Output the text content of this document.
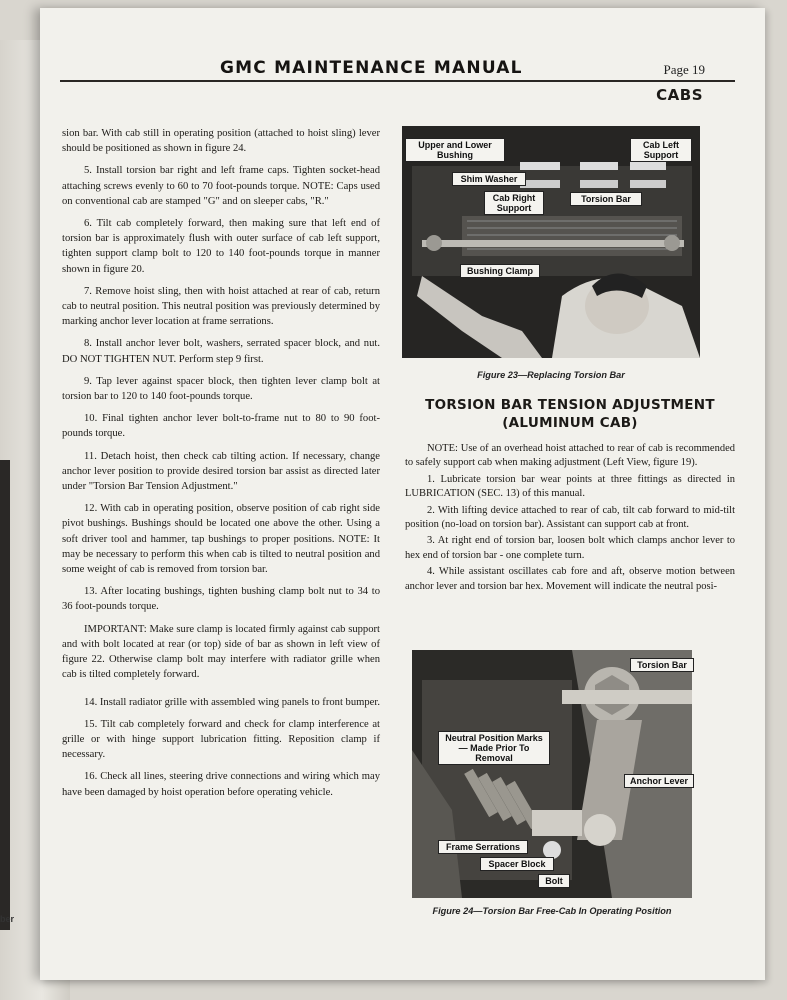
ber
GMC MAINTENANCE MANUAL	Page 19
CABS

sion bar. With cab still in operating position (attached to hoist sling) lever should be positioned as shown in figure 24.

5. Install torsion bar right and left frame caps. Tighten socket-head attaching screws evenly to 60 to 70 foot-pounds torque. NOTE: Caps used on conventional cab are stamped "G" and on sleeper cabs, "R."

6. Tilt cab completely forward, then making sure that left end of torsion bar is approximately flush with outer surface of cab left support, tighten support clamp bolt to 120 to 140 foot-pounds torque in manner shown in figure 20.

7. Remove hoist sling, then with hoist attached at rear of cab, return cab to neutral position. This neutral position was previously determined by marking anchor lever location at frame serrations.

8. Install anchor lever bolt, washers, serrated spacer block, and nut. DO NOT TIGHTEN NUT. Perform step 9 first.

9. Tap lever against spacer block, then tighten lever clamp bolt at torsion bar to 120 to 140 foot-pounds torque.

10. Final tighten anchor lever bolt-to-frame nut to 80 to 90 foot-pounds torque.

11. Detach hoist, then check cab tilting action. If necessary, change anchor lever position to provide desired torsion bar assist as directed later under "Torsion Bar Tension Adjustment."

12. With cab in operating position, observe position of cab right side pivot bushings. Bushings should be located one above the other. Using a soft driver tool and hammer, tap bushings to proper positions. NOTE: It may be necessary to perform this when cab is tilted to neutral position and some weight of cab is removed from torsion bar.

13. After locating bushings, tighten bushing clamp bolt nut to 34 to 36 foot-pounds torque.

IMPORTANT: Make sure clamp is located firmly against cab support and with bolt located at rear (or top) side of bar as shown in left view of figure 22. Otherwise clamp bolt may interfere with radiator grille when cab is tilted completely forward.

14. Install radiator grille with assembled wing panels to front bumper.

15. Tilt cab completely forward and check for clamp interference at grille or with hinge support lubrication fitting. Reposition clamp if necessary.

16. Check all lines, steering drive connections and wiring which may have been damaged by hoist operation before operating vehicle.

Upper and Lower Bushing
Cab Left Support
Shim Washer
Cab Right Support
Torsion Bar
Bushing Clamp
Figure 23—Replacing Torsion Bar
TORSION BAR TENSION ADJUSTMENT
(ALUMINUM CAB)

NOTE: Use of an overhead hoist attached to rear of cab is recommended to safely support cab when making adjustment (Left View, figure 19).

1. Lubricate torsion bar wear points at three fittings as directed in LUBRICATION (SEC. 13) of this manual.

2. With lifting device attached to rear of cab, tilt cab forward to mid-tilt position (no-load on torsion bar). Assistant can support cab at front.

3. At right end of torsion bar, loosen bolt which clamps anchor lever to hex end of torsion bar - one complete turn.

4. While assistant oscillates cab fore and aft, observe motion between anchor lever and torsion bar hex. Movement will indicate the neutral posi-

Torsion Bar
Neutral Position Marks— Made Prior To Removal
Anchor Lever
Frame Serrations
Spacer Block
Bolt
Figure 24—Torsion Bar Free-Cab In Operating Position
